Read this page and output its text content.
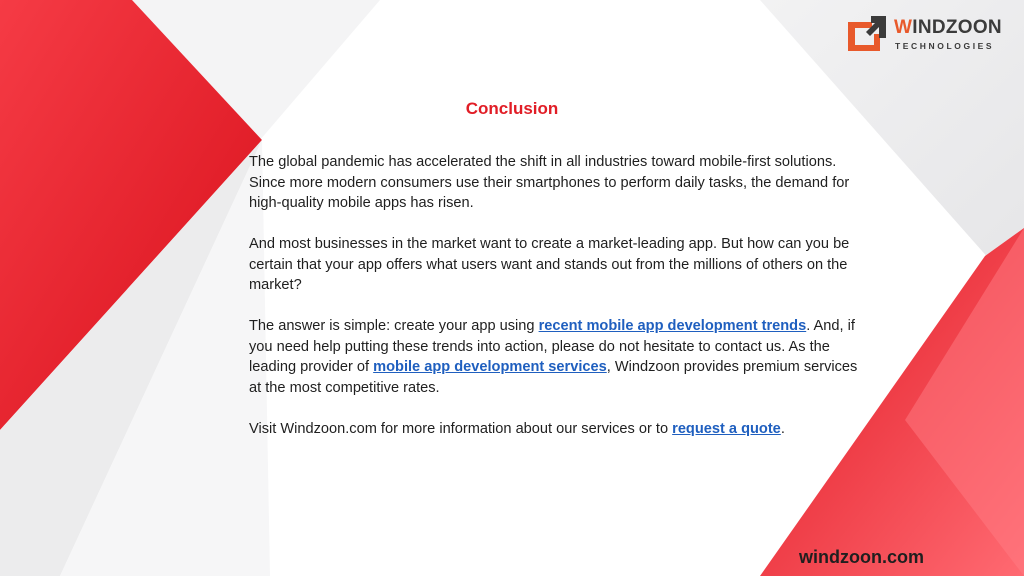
WINDZOON
TECHNOLOGIES
Conclusion

The global pandemic has accelerated the shift in all industries toward mobile-first solutions. Since more modern consumers use their smartphones to perform daily tasks, the demand for high-quality mobile apps has risen.

And most businesses in the market want to create a market-leading app. But how can you be certain that your app offers what users want and stands out from the millions of others on the market?

The answer is simple: create your app using recent mobile app development trends. And, if you need help putting these trends into action, please do not hesitate to contact us. As the leading provider of mobile app development services, Windzoon provides premium services at the most competitive rates.

Visit Windzoon.com for more information about our services or to request a quote.

windzoon.com
